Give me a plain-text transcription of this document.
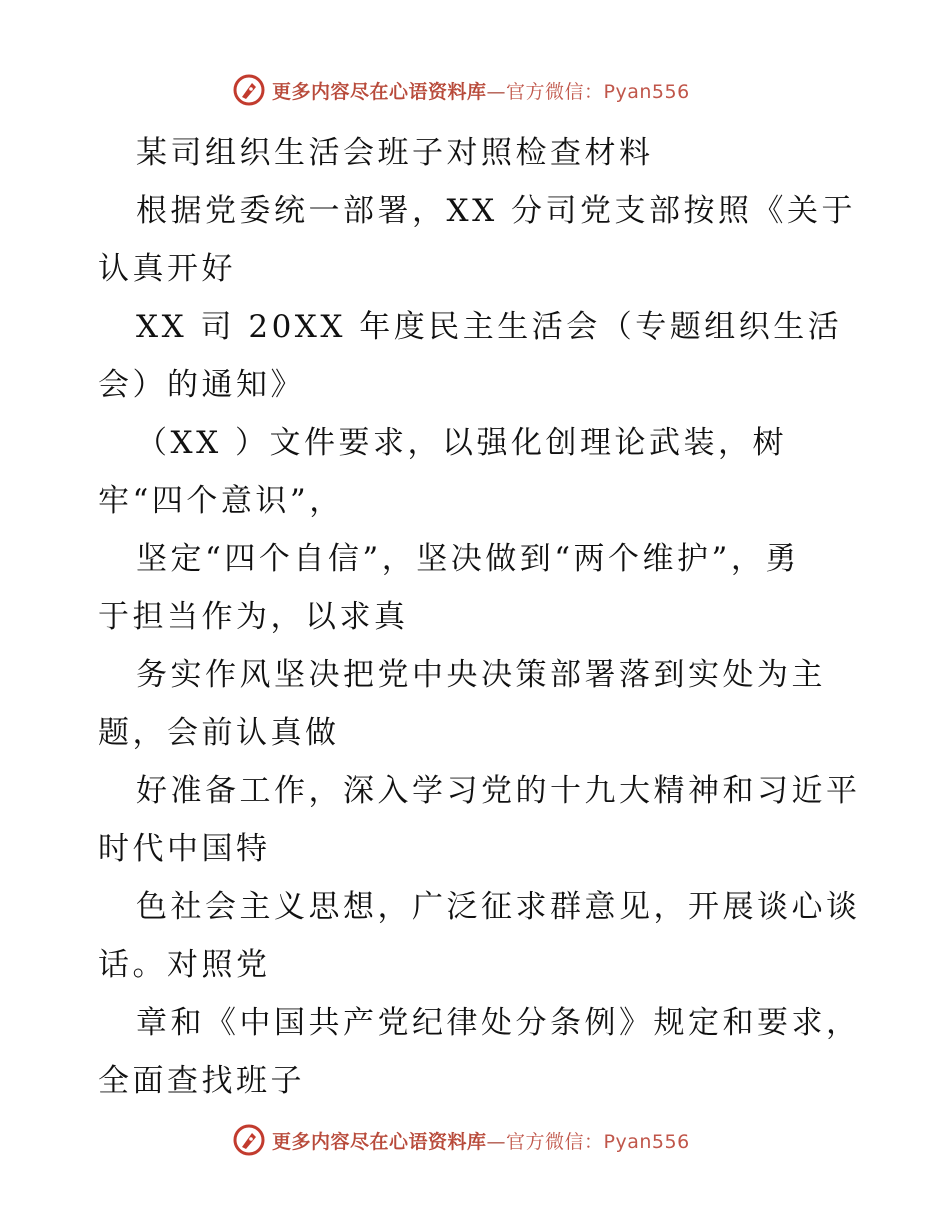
更多内容尽在心语资料库—官方微信：Pyan556
某司组织生活会班子对照检查材料
根据党委统一部署，XX 分司党支部按照《关于
认真开好
XX 司 20XX 年度民主生活会（专题组织生活
会）的通知》
（XX ）文件要求，以强化创理论武装，树
牢“四个意识”，
坚定“四个自信”，坚决做到“两个维护”，勇
于担当作为，以求真
务实作风坚决把党中央决策部署落到实处为主
题，会前认真做
好准备工作，深入学习党的十九大精神和习近平
时代中国特
色社会主义思想，广泛征求群意见，开展谈心谈
话。对照党
章和《中国共产党纪律处分条例》规定和要求，
全面查找班子
更多内容尽在心语资料库—官方微信：Pyan556
